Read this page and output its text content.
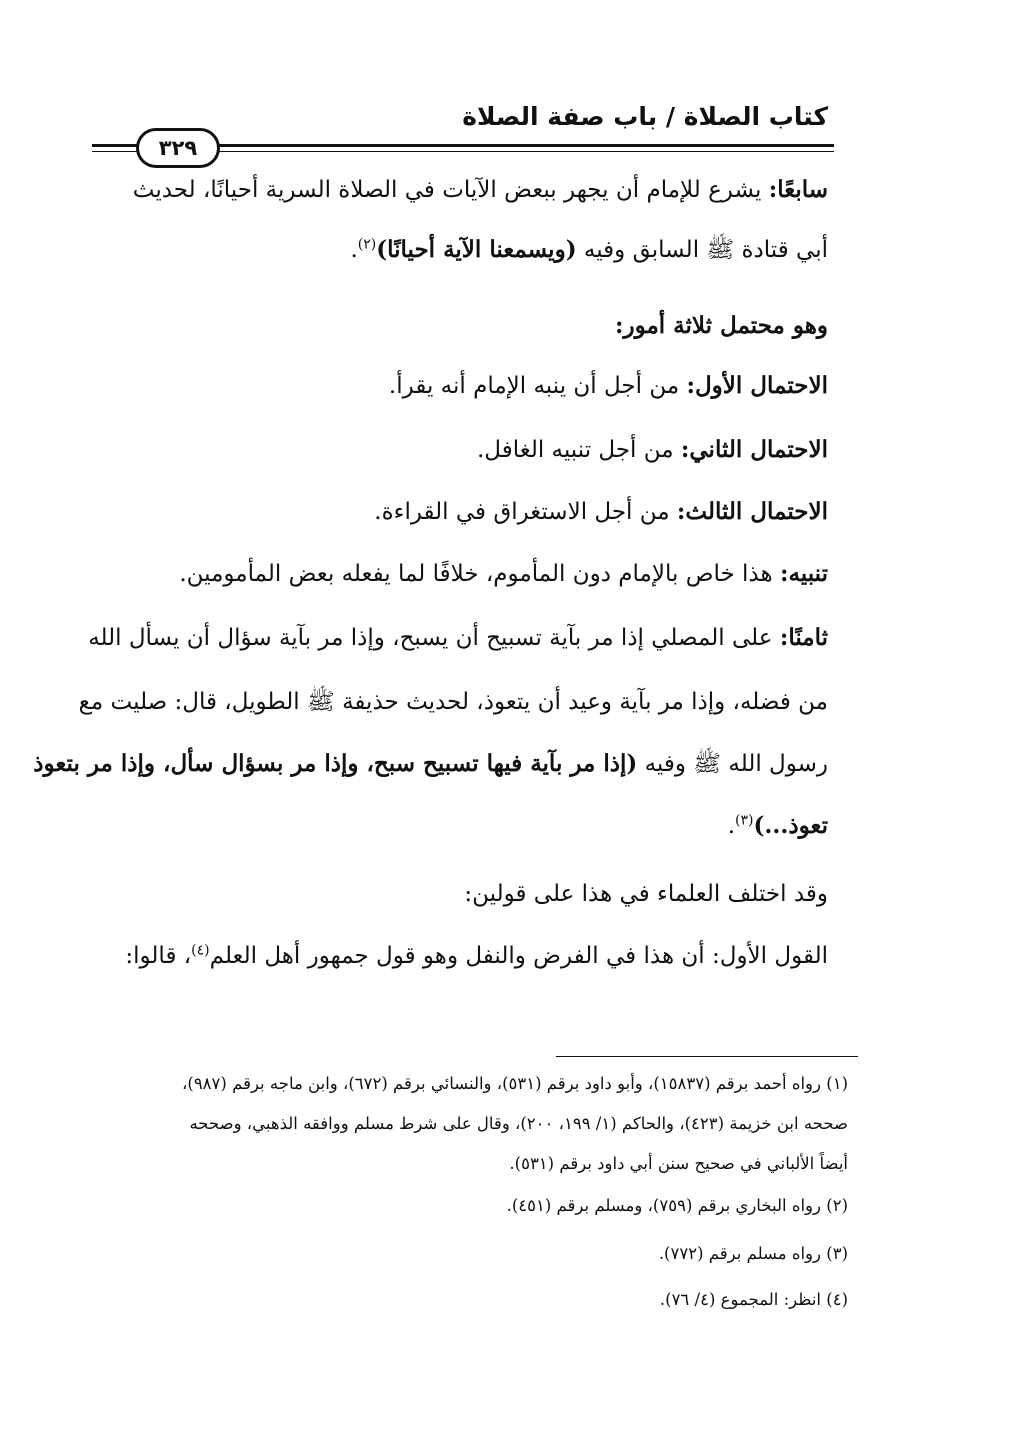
كتاب الصلاة / باب صفة الصلاة
٣٢٩
سابعًا: يشرع للإمام أن يجهر ببعض الآيات في الصلاة السرية أحيانًا، لحديث
أبي قتادة ﷺ السابق وفيه (ويسمعنا الآية أحيانًا)$^{(٢)}$.
وهو محتمل ثلاثة أمور:
الاحتمال الأول: من أجل أن ينبه الإمام أنه يقرأ.
الاحتمال الثاني: من أجل تنبيه الغافل.
الاحتمال الثالث: من أجل الاستغراق في القراءة.
تنبيه: هذا خاص بالإمام دون المأموم، خلافًا لما يفعله بعض المأمومين.
ثامنًا: على المصلي إذا مر بآية تسبيح أن يسبح، وإذا مر بآية سؤال أن يسأل الله
من فضله، وإذا مر بآية وعيد أن يتعوذ، لحديث حذيفة ﷺ الطويل، قال: صليت مع
رسول الله ﷺ وفيه (إذا مر بآية فيها تسبيح سبح، وإذا مر بسؤال سأل، وإذا مر بتعوذ
تعوذ...)$^{(٣)}$.
وقد اختلف العلماء في هذا على قولين:
القول الأول: أن هذا في الفرض والنفل وهو قول جمهور أهل العلم$^{(٤)}$، قالوا:
(١) رواه أحمد برقم (١٥٨٣٧)، وأبو داود برقم (٥٣١)، والنسائي برقم (٦٧٢)، وابن ماجه برقم (٩٨٧)،
صححه ابن خزيمة (٤٢٣)، والحاكم (١/ ١٩٩، ٢٠٠)، وقال على شرط مسلم ووافقه الذهبي، وصححه
أيضاً الألباني في صحيح سنن أبي داود برقم (٥٣١).
(٢) رواه البخاري برقم (٧٥٩)، ومسلم برقم (٤٥١).
(٣) رواه مسلم برقم (٧٧٢).
(٤) انظر: المجموع (٤/ ٧٦).
